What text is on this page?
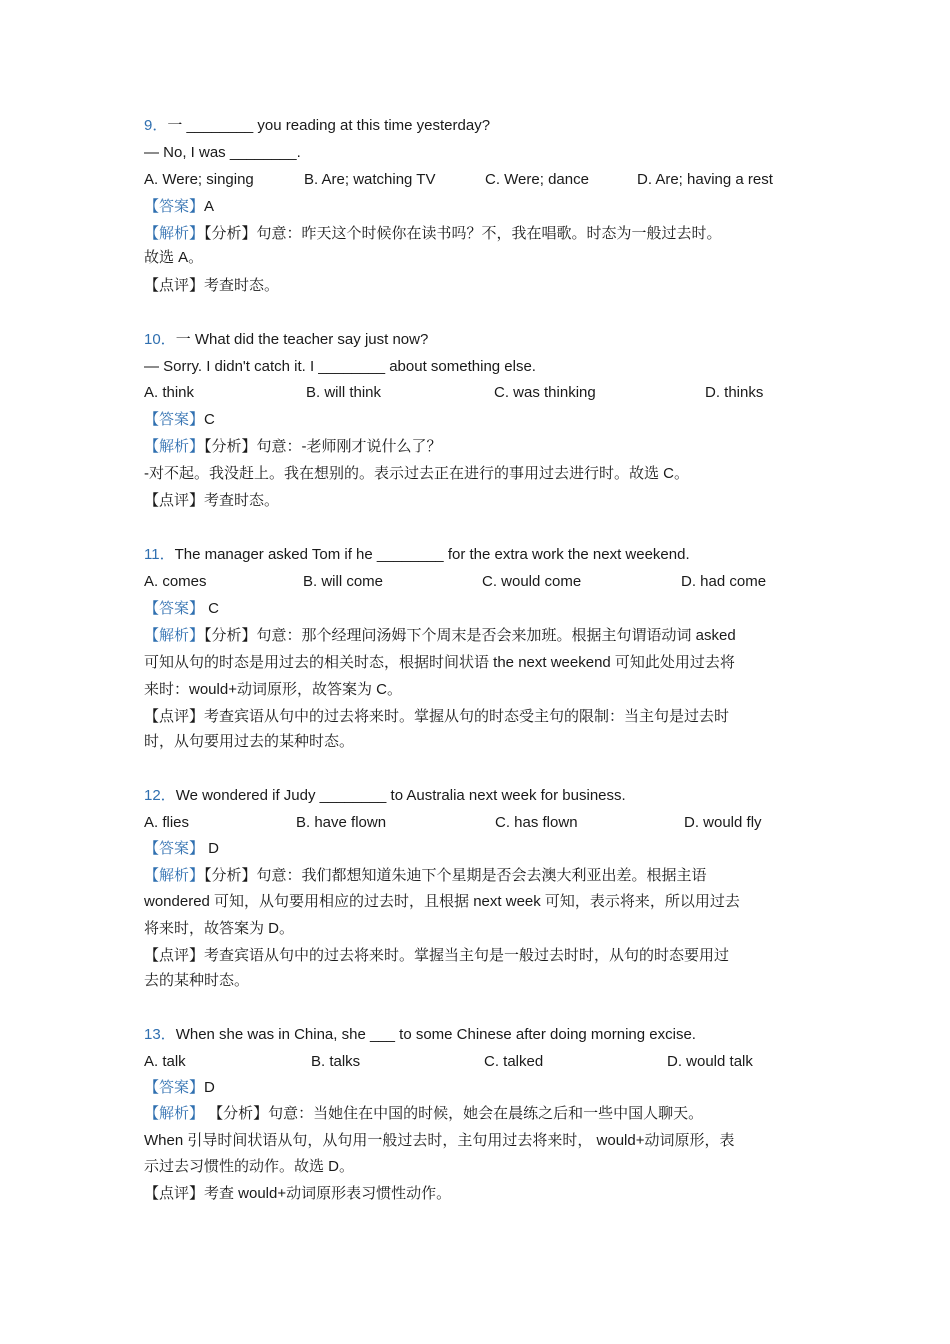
9．一 ________ you reading at this time yesterday?
— No, I was ________.
A. Were; singing	B. Are; watching TV	C. Were; dance	D. Are; having a rest
【答案】A
【解析】【分析】句意：昨天这个时候你在读书吗？不，我在唱歌。时态为一般过去时。
故选 A。
【点评】考查时态。
10．一 What did the teacher say just now?
— Sorry. I didn't catch it. I ________ about something else.
A. think	B. will think	C. was thinking	D. thinks
【答案】C
【解析】【分析】句意：-老师刚才说什么了？
-对不起。我没赶上。我在想别的。表示过去正在进行的事用过去进行时。故选 C。
【点评】考查时态。
11．The manager asked Tom if he ________ for the extra work the next weekend.
A. comes	B. will come	C. would come	D. had come
【答案】 C
【解析】【分析】句意：那个经理问汤姆下个周末是否会来加班。根据主句谓语动词 asked
可知从句的时态是用过去的相关时态，根据时间状语 the next weekend 可知此处用过去将
来时：would+动词原形，故答案为 C。
【点评】考查宾语从句中的过去将来时。掌握从句的时态受主句的限制：当主句是过去时
时，从句要用过去的某种时态。
12．We wondered if Judy ________ to Australia next week for business.
A. flies	B. have flown	C. has flown	D. would fly
【答案】 D
【解析】【分析】句意：我们都想知道朱迪下个星期是否会去澳大利亚出差。根据主语
wondered 可知，从句要用相应的过去时，且根据 next week 可知，表示将来，所以用过去
将来时，故答案为 D。
【点评】考查宾语从句中的过去将来时。掌握当主句是一般过去时时，从句的时态要用过
去的某种时态。
13．When she was in China, she ___ to some Chinese after doing morning excise.
A. talk	B. talks	C. talked	D. would talk
【答案】D
【解析】 【分析】句意：当她住在中国的时候，她会在晨练之后和一些中国人聊天。
When 引导时间状语从句，从句用一般过去时，主句用过去将来时， would+动词原形，表
示过去习惯性的动作。故选 D。
【点评】考查 would+动词原形表习惯性动作。
